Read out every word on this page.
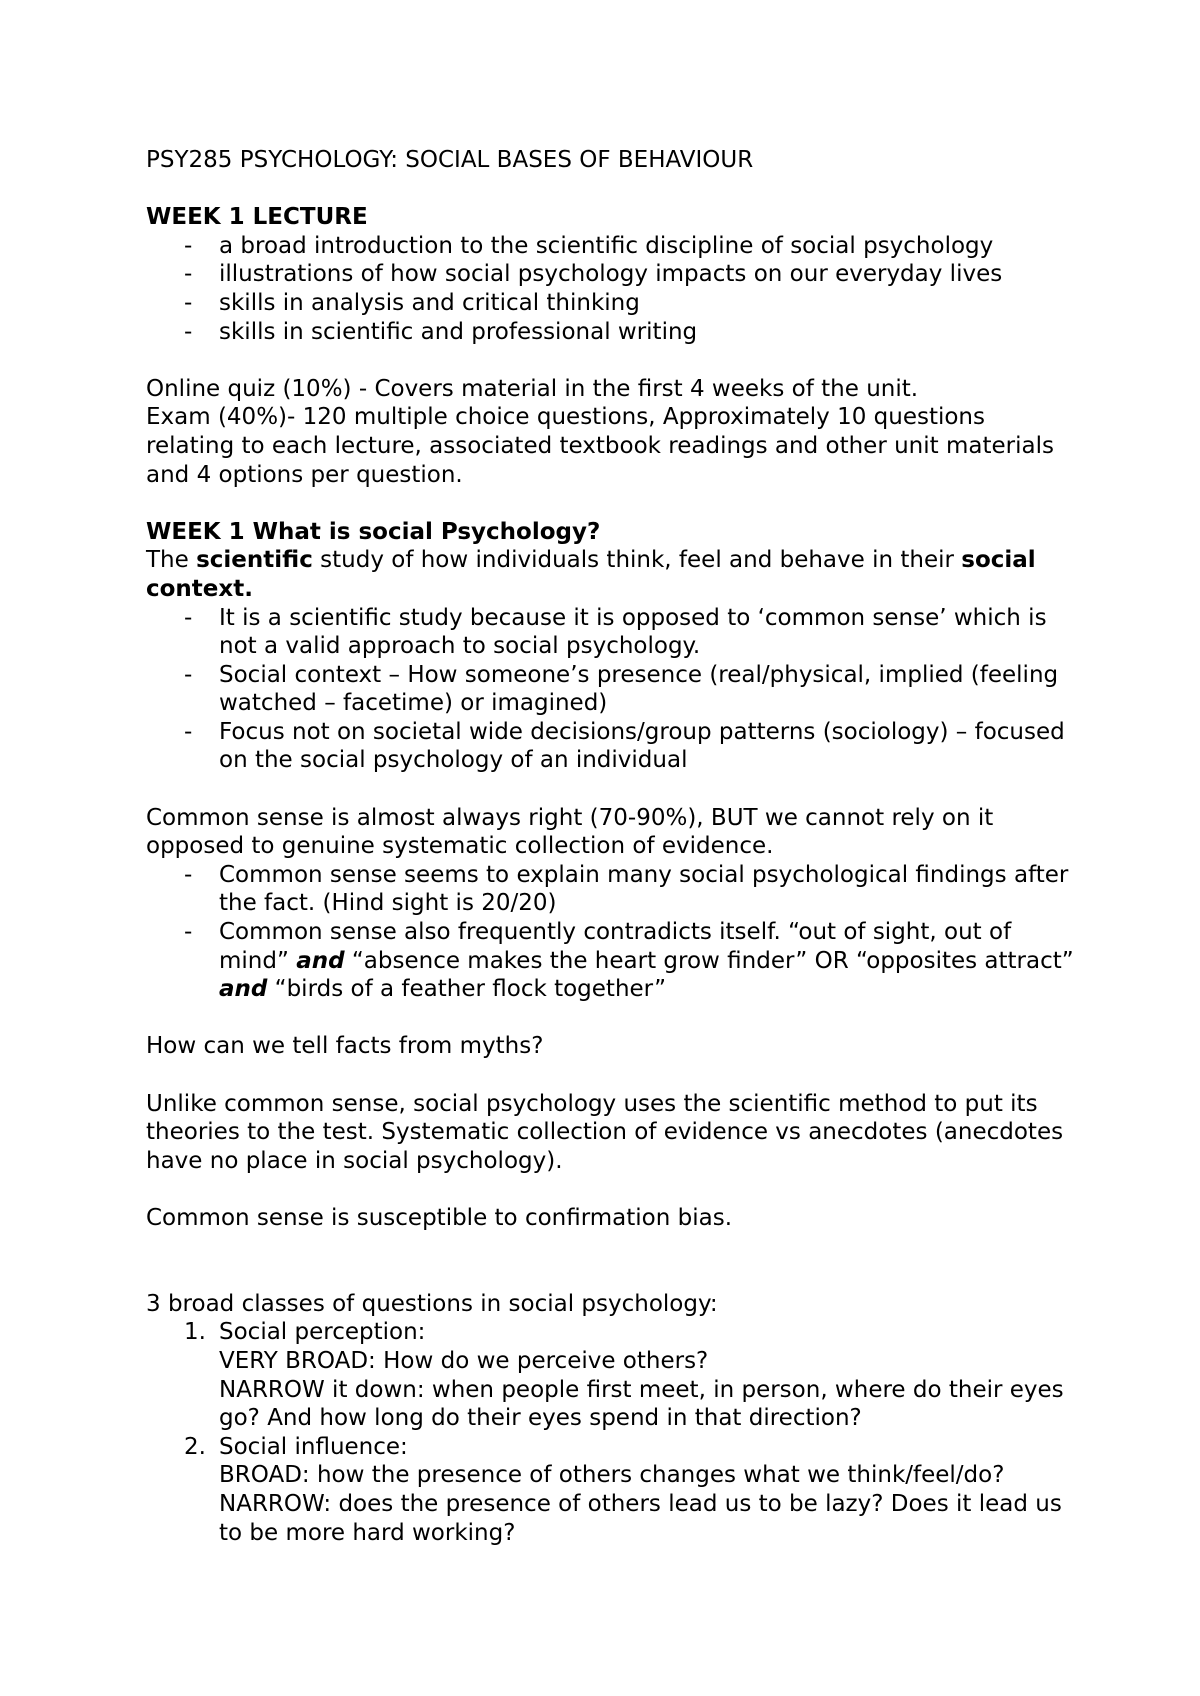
PSY285 PSYCHOLOGY: SOCIAL BASES OF BEHAVIOUR

WEEK 1 LECTURE

- a broad introduction to the scientific discipline of social psychology
- illustrations of how social psychology impacts on our everyday lives
- skills in analysis and critical thinking
- skills in scientific and professional writing

Online quiz (10%) - Covers material in the first 4 weeks of the unit.

Exam (40%)- 120 multiple choice questions, Approximately 10 questions relating to each lecture, associated textbook readings and other unit materials and 4 options per question.

WEEK 1 What is social Psychology?

The scientific study of how individuals think, feel and behave in their social context.

- It is a scientific study because it is opposed to ‘common sense’ which is not a valid approach to social psychology.
- Social context – How someone’s presence (real/physical, implied (feeling watched – facetime) or imagined)
- Focus not on societal wide decisions/group patterns (sociology) – focused on the social psychology of an individual

Common sense is almost always right (70-90%), BUT we cannot rely on it opposed to genuine systematic collection of evidence.

- Common sense seems to explain many social psychological findings after the fact. (Hind sight is 20/20)
- Common sense also frequently contradicts itself. “out of sight, out of mind” and “absence makes the heart grow finder” OR “opposites attract” and “birds of a feather flock together”

How can we tell facts from myths?

Unlike common sense, social psychology uses the scientific method to put its theories to the test. Systematic collection of evidence vs anecdotes (anecdotes have no place in social psychology).

Common sense is susceptible to confirmation bias.

3 broad classes of questions in social psychology:

1. Social perception:
VERY BROAD: How do we perceive others?
NARROW it down: when people first meet, in person, where do their eyes go? And how long do their eyes spend in that direction?
2. Social influence:
BROAD: how the presence of others changes what we think/feel/do?
NARROW: does the presence of others lead us to be lazy? Does it lead us to be more hard working?
